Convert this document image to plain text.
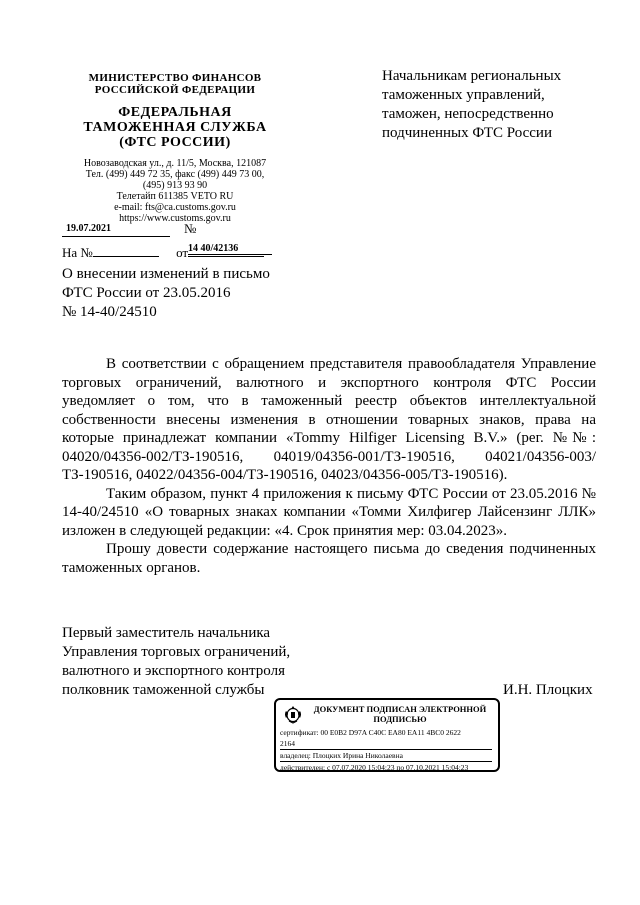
МИНИСТЕРСТВО ФИНАНСОВ
РОССИЙСКОЙ ФЕДЕРАЦИИ
ФЕДЕРАЛЬНАЯ
ТАМОЖЕННАЯ СЛУЖБА
(ФТС РОССИИ)
Новозаводская ул., д. 11/5, Москва, 121087
Тел. (499) 449 72 35, факс (499) 449 73 00,
(495) 913 93 90
Телетайп 611385 VETO RU
e-mail: fts@ca.customs.gov.ru
https://www.customs.gov.ru
Начальникам региональных
таможенных управлений,
таможен, непосредственно
подчиненных ФТС России
19.07.2021	№ 14 40/42136
На №	от
О внесении изменений в письмо
ФТС России от 23.05.2016
№ 14-40/24510

В соответствии с обращением представителя правообладателя Управление торговых ограничений, валютного и экспортного контроля ФТС России уведомляет о том, что в таможенный реестр объектов интеллектуальной собственности внесены изменения в отношении товарных знаков, права на которые принадлежат компании «Tommy Hilfiger Licensing B.V.» (рег. №№: 04020/04356-002/ТЗ-190516, 04019/04356-001/ТЗ-190516, 04021/04356-003/ТЗ-190516, 04022/04356-004/ТЗ-190516, 04023/04356-005/ТЗ-190516).

Таким образом, пункт 4 приложения к письму ФТС России от 23.05.2016 № 14-40/24510 «О товарных знаках компании «Томми Хилфигер Лайсензинг ЛЛК» изложен в следующей редакции: «4. Срок принятия мер: 03.04.2023».

Прошу довести содержание настоящего письма до сведения подчиненных таможенных органов.

Первый заместитель начальника
Управления торговых ограничений,
валютного и экспортного контроля
полковник таможенной службы	И.Н. Плоцких
ДОКУМЕНТ ПОДПИСАН ЭЛЕКТРОННОЙ
ПОДПИСЬЮ
сертификат: 00 E0B2 D97A C40C EA80 EA11 4BC0 2622
2164
владелец: Плоцких Ирина Николаевна
действителен: с 07.07.2020 15:04:23 по 07.10.2021 15:04:23
